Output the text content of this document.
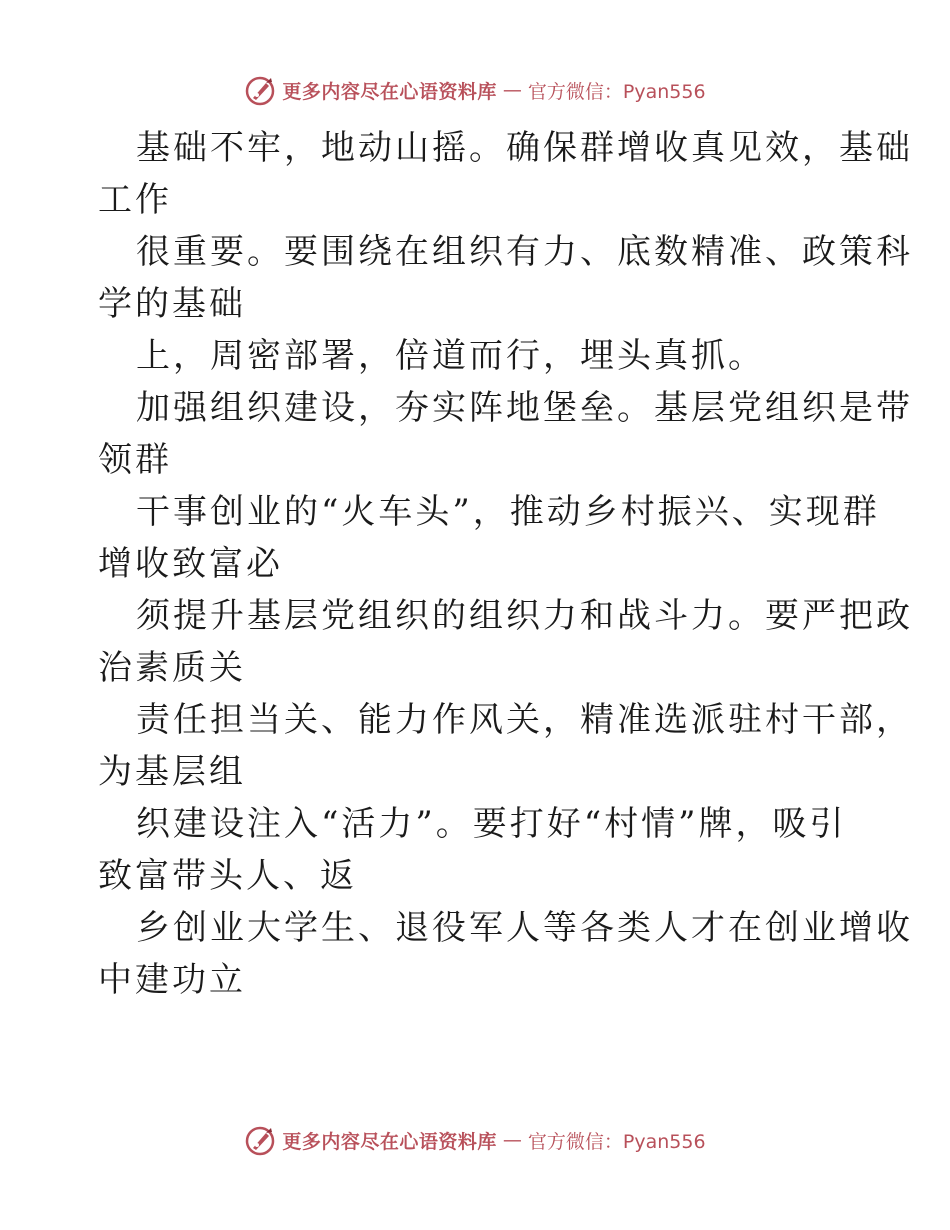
更多内容尽在心语资料库 — 官方微信：Pyan556
基础不牢，地动山摇。确保群增收真见效，基础
工作
很重要。要围绕在组织有力、底数精准、政策科
学的基础
上，周密部署，倍道而行，埋头真抓。
加强组织建设，夯实阵地堡垒。基层党组织是带
领群
干事创业的“火车头”，推动乡村振兴、实现群
增收致富必
须提升基层党组织的组织力和战斗力。要严把政
治素质关
责任担当关、能力作风关，精准选派驻村干部，
为基层组
织建设注入“活力”。要打好“村情”牌，吸引
致富带头人、返
乡创业大学生、退役军人等各类人才在创业增收
中建功立
更多内容尽在心语资料库 — 官方微信：Pyan556
